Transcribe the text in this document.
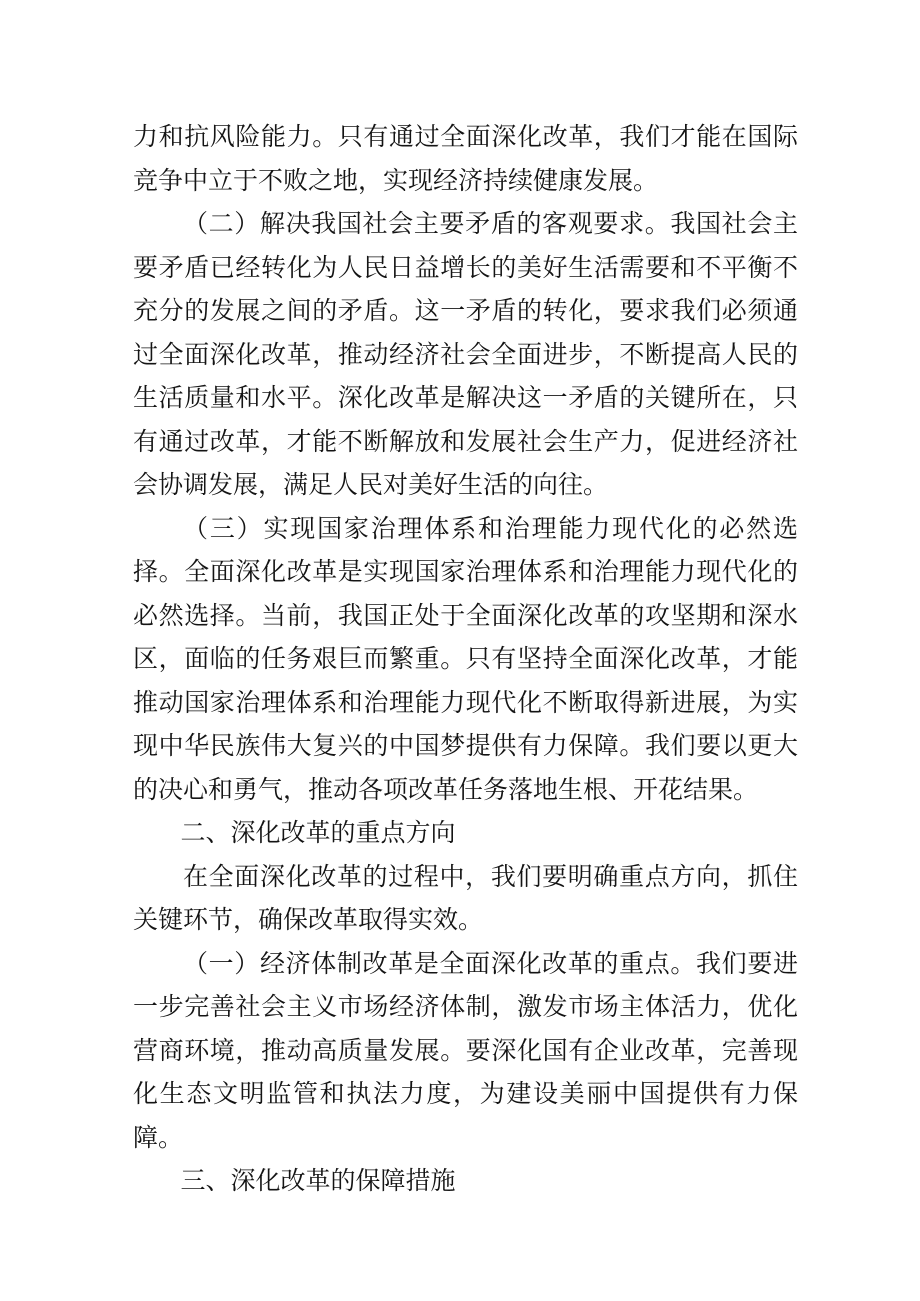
力和抗风险能力。只有通过全面深化改革，我们才能在国际竞争中立于不败之地，实现经济持续健康发展。

（二）解决我国社会主要矛盾的客观要求。我国社会主要矛盾已经转化为人民日益增长的美好生活需要和不平衡不充分的发展之间的矛盾。这一矛盾的转化，要求我们必须通过全面深化改革，推动经济社会全面进步，不断提高人民的生活质量和水平。深化改革是解决这一矛盾的关键所在，只有通过改革，才能不断解放和发展社会生产力，促进经济社会协调发展，满足人民对美好生活的向往。

（三）实现国家治理体系和治理能力现代化的必然选择。全面深化改革是实现国家治理体系和治理能力现代化的必然选择。当前，我国正处于全面深化改革的攻坚期和深水区，面临的任务艰巨而繁重。只有坚持全面深化改革，才能推动国家治理体系和治理能力现代化不断取得新进展，为实现中华民族伟大复兴的中国梦提供有力保障。我们要以更大的决心和勇气，推动各项改革任务落地生根、开花结果。

二、深化改革的重点方向

在全面深化改革的过程中，我们要明确重点方向，抓住关键环节，确保改革取得实效。

（一）经济体制改革是全面深化改革的重点。我们要进一步完善社会主义市场经济体制，激发市场主体活力，优化营商环境，推动高质量发展。要深化国有企业改革，完善现化生态文明监管和执法力度，为建设美丽中国提供有力保障。

三、深化改革的保障措施
